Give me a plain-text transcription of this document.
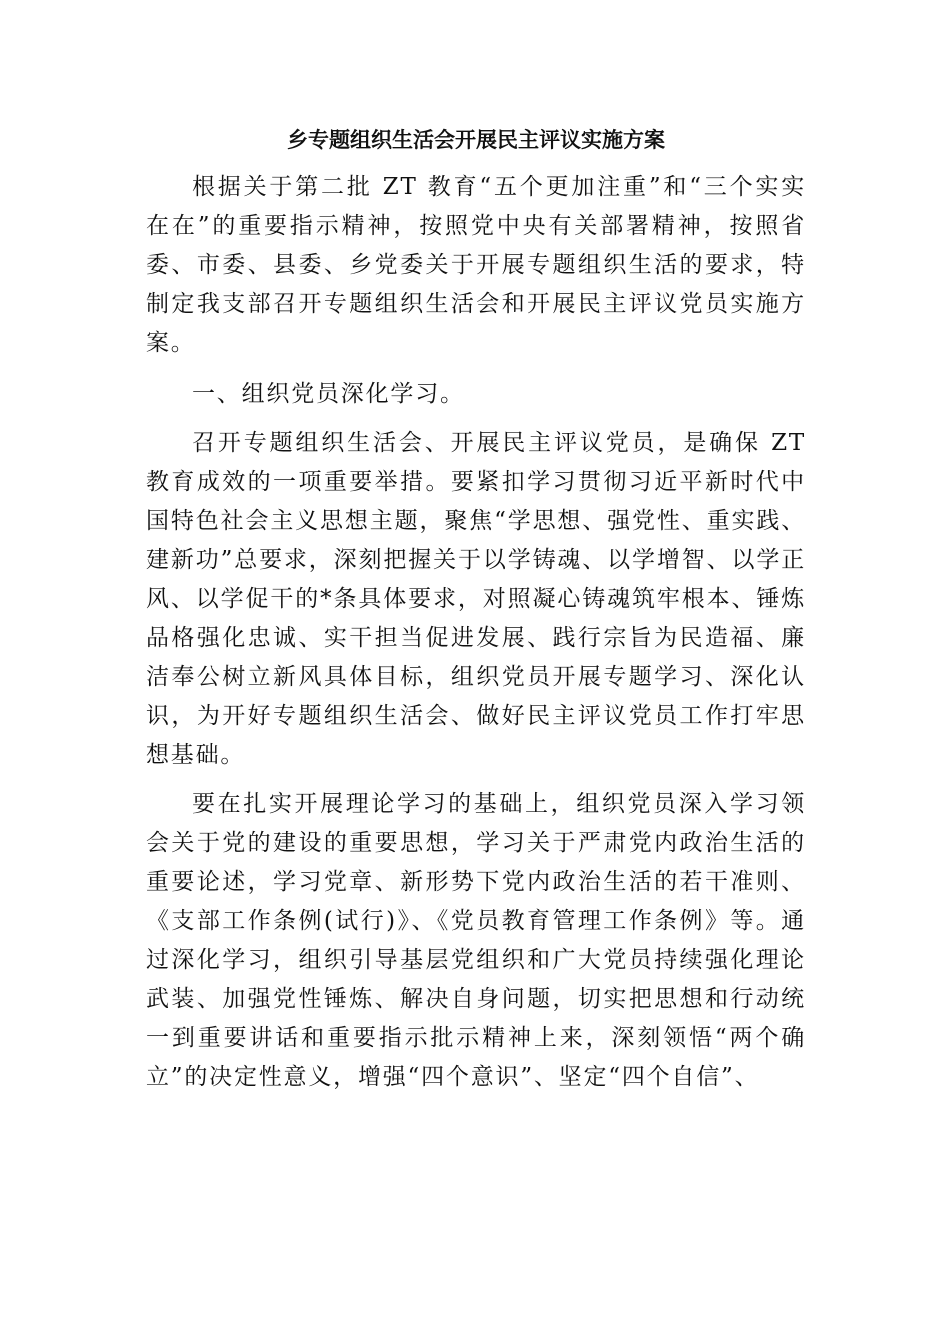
乡专题组织生活会开展民主评议实施方案

根据关于第二批 ZT 教育“五个更加注重”和“三个实实在在”的重要指示精神，按照党中央有关部署精神，按照省委、市委、县委、乡党委关于开展专题组织生活的要求，特制定我支部召开专题组织生活会和开展民主评议党员实施方案。

一、组织党员深化学习。

召开专题组织生活会、开展民主评议党员，是确保 ZT 教育成效的一项重要举措。要紧扣学习贯彻习近平新时代中国特色社会主义思想主题，聚焦“学思想、强党性、重实践、建新功”总要求，深刻把握关于以学铸魂、以学增智、以学正风、以学促干的*条具体要求，对照凝心铸魂筑牢根本、锤炼品格强化忠诚、实干担当促进发展、践行宗旨为民造福、廉洁奉公树立新风具体目标，组织党员开展专题学习、深化认识，为开好专题组织生活会、做好民主评议党员工作打牢思想基础。

要在扎实开展理论学习的基础上，组织党员深入学习领会关于党的建设的重要思想，学习关于严肃党内政治生活的重要论述，学习党章、新形势下党内政治生活的若干准则、《支部工作条例(试行)》、《党员教育管理工作条例》等。通过深化学习，组织引导基层党组织和广大党员持续强化理论武装、加强党性锤炼、解决自身问题，切实把思想和行动统一到重要讲话和重要指示批示精神上来，深刻领悟“两个确立”的决定性意义，增强“四个意识”、坚定“四个自信”、
